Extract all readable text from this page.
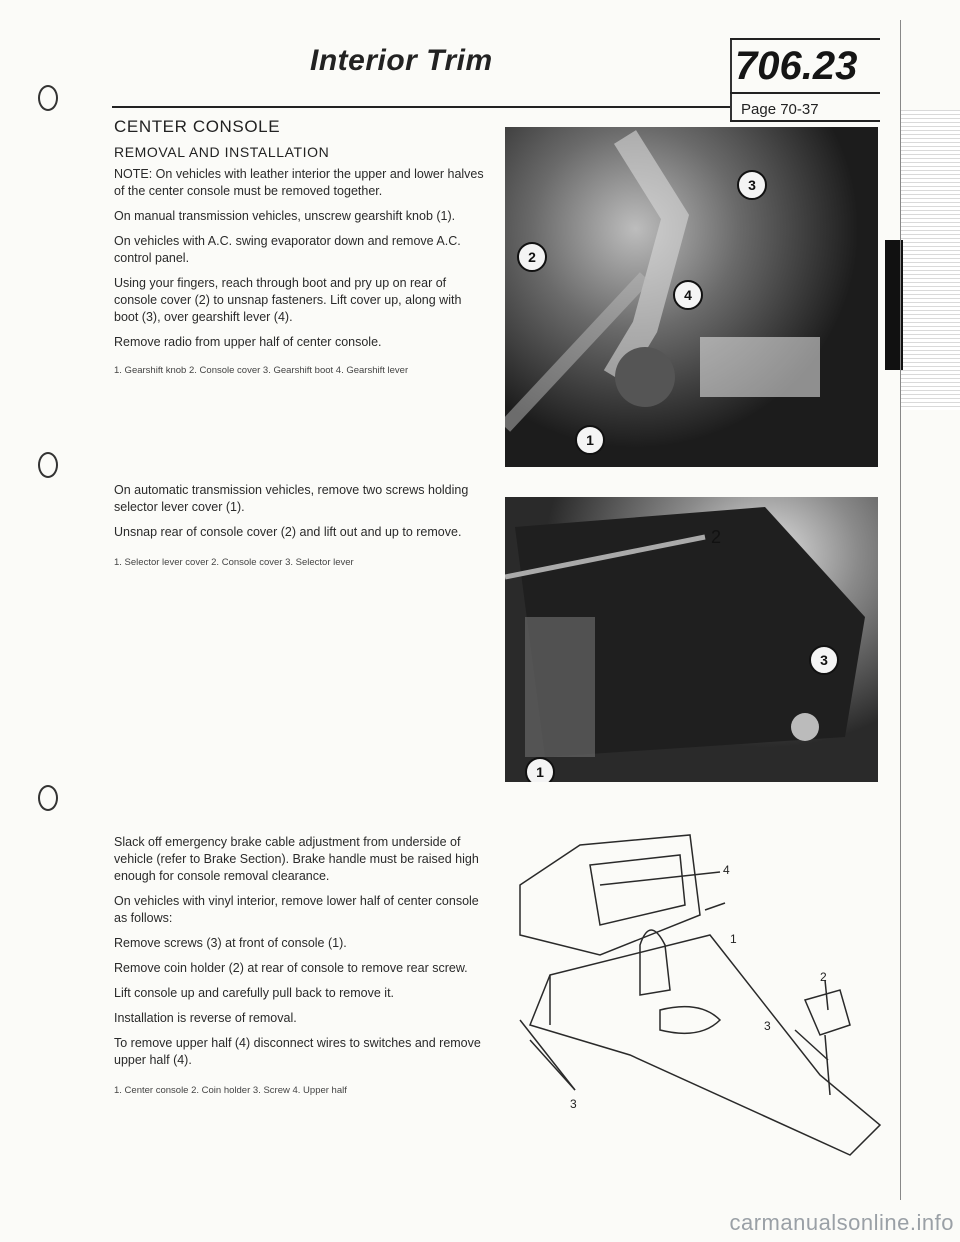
Interior Trim	706.23
Page 70-37
CENTER CONSOLE
REMOVAL AND INSTALLATION
NOTE: On vehicles with leather interior the upper and lower halves of the center console must be removed together.
On manual transmission vehicles, unscrew gearshift knob (1).
On vehicles with A.C. swing evaporator down and remove A.C. control panel.
Using your fingers, reach through boot and pry up on rear of console cover (2) to unsnap fasteners. Lift cover up, along with boot (3), over gearshift lever (4).
Remove radio from upper half of center console.
1. Gearshift knob 2. Console cover 3. Gearshift boot 4. Gearshift lever
3
2
4
1
On automatic transmission vehicles, remove two screws holding selector lever cover (1).
Unsnap rear of console cover (2) and lift out and up to remove.
1. Selector lever cover 2. Console cover 3. Selector lever
2
3
1
Slack off emergency brake cable adjustment from underside of vehicle (refer to Brake Section). Brake handle must be raised high enough for console removal clearance.
On vehicles with vinyl interior, remove lower half of center console as follows:
Remove screws (3) at front of console (1).
Remove coin holder (2) at rear of console to remove rear screw.
Lift console up and carefully pull back to remove it.
Installation is reverse of removal.
To remove upper half (4) disconnect wires to switches and remove upper half (4).
1. Center console 2. Coin holder 3. Screw 4. Upper half
4
1
2
3
3
carmanualsonline.info
